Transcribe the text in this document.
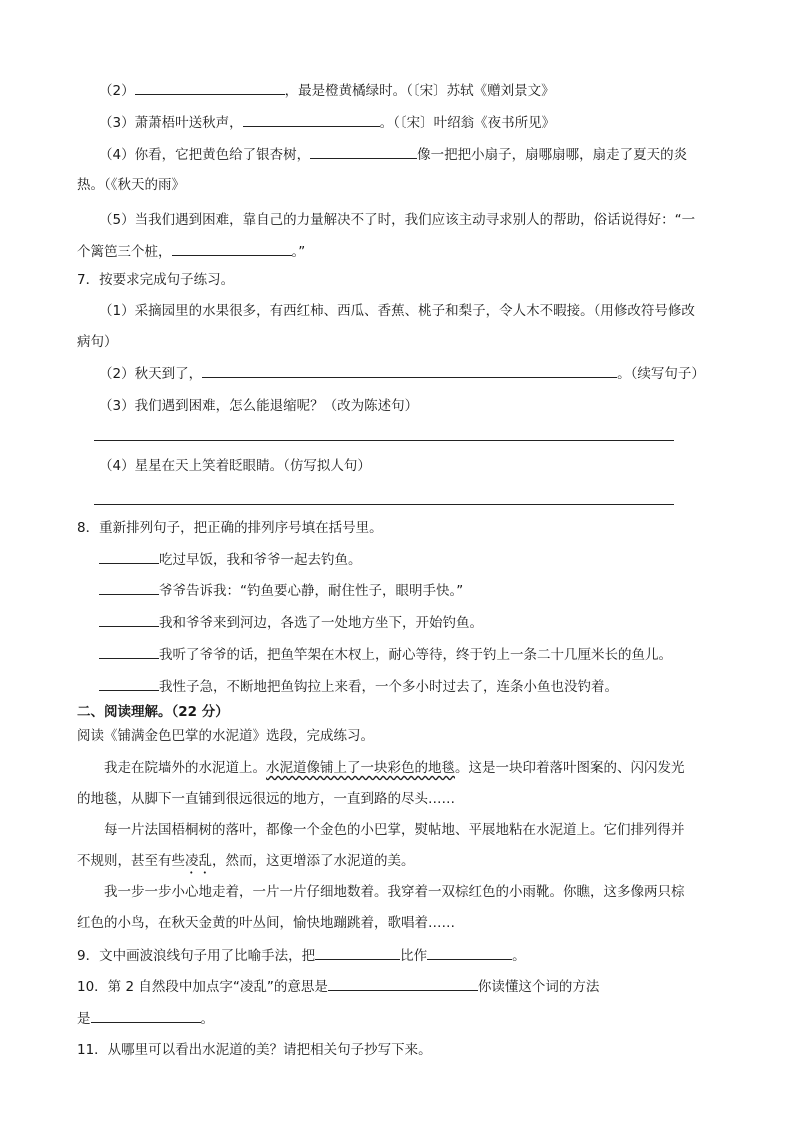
（2）	，最是橙黄橘绿时。（〔宋〕苏轼《赠刘景文》
（3）萧萧梧叶送秋声，	。（〔宋〕叶绍翁《夜书所见》
（4）你看，它把黄色给了银杏树，	像一把把小扇子，扇哪扇哪，扇走了夏天的炎
热。（《秋天的雨》
（5）当我们遇到困难，靠自己的力量解决不了时，我们应该主动寻求别人的帮助，俗话说得好：“一
个篱笆三个桩，	。”
7．按要求完成句子练习。
（1）采摘园里的水果很多，有西红柿、西瓜、香蕉、桃子和梨子，令人木不暇接。（用修改符号修改
病句）
（2）秋天到了，	。（续写句子）
（3）我们遇到困难，怎么能退缩呢？（改为陈述句）
（4）星星在天上笑着眨眼睛。（仿写拟人句）
8．重新排列句子，把正确的排列序号填在括号里。
吃过早饭，我和爷爷一起去钓鱼。
爷爷告诉我：“钓鱼要心静，耐住性子，眼明手快。”
我和爷爷来到河边，各选了一处地方坐下，开始钓鱼。
我听了爷爷的话，把鱼竿架在木杈上，耐心等待，终于钓上一条二十几厘米长的鱼儿。
我性子急，不断地把鱼钩拉上来看，一个多小时过去了，连条小鱼也没钓着。
二、阅读理解。（22 分）
阅读《铺满金色巴掌的水泥道》选段，完成练习。
我走在院墙外的水泥道上。水泥道像铺上了一块彩色的地毯。这是一块印着落叶图案的、闪闪发光
的地毯，从脚下一直铺到很远很远的地方，一直到路的尽头……
每一片法国梧桐树的落叶，都像一个金色的小巴掌，熨帖地、平展地粘在水泥道上。它们排列得并
不规则，甚至有些凌乱，然而，这更增添了水泥道的美。
我一步一步小心地走着，一片一片仔细地数着。我穿着一双棕红色的小雨靴。你瞧，这多像两只棕
红色的小鸟，在秋天金黄的叶丛间，愉快地蹦跳着，歌唱着……
9．文中画波浪线句子用了比喻手法，把	比作	。
10．第 2 自然段中加点字“凌乱”的意思是	你读懂这个词的方法
是	。
11．从哪里可以看出水泥道的美？请把相关句子抄写下来。
